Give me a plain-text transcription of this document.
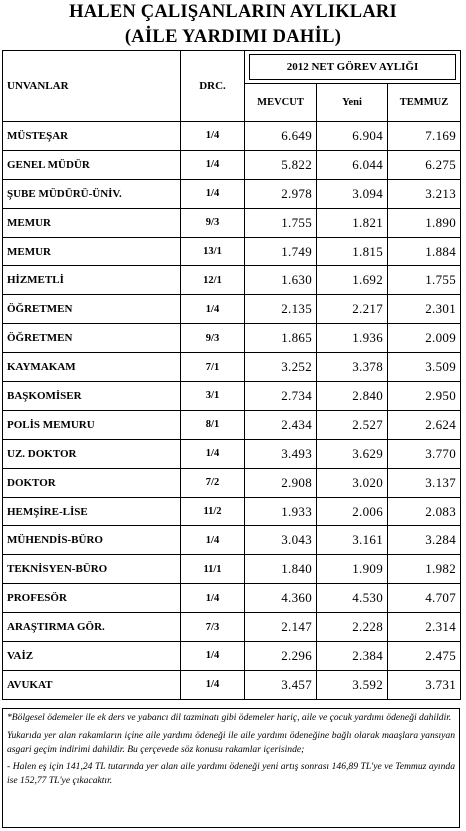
HALEN ÇALIŞANLARIN AYLIKLARI
(AİLE YARDIMI DAHİL)
UNVANLAR	DRC.	2012 NET GÖREV AYLIĞI		

		MEVCUT	Yeni	TEMMUZ
MÜSTEŞAR	1/4	6.649	6.904	7.169
GENEL MÜDÜR	1/4	5.822	6.044	6.275
ŞUBE MÜDÜRÜ-ÜNİV.	1/4	2.978	3.094	3.213
MEMUR	9/3	1.755	1.821	1.890
MEMUR	13/1	1.749	1.815	1.884
HİZMETLİ	12/1	1.630	1.692	1.755
ÖĞRETMEN	1/4	2.135	2.217	2.301
ÖĞRETMEN	9/3	1.865	1.936	2.009
KAYMAKAM	7/1	3.252	3.378	3.509
BAŞKOMİSER	3/1	2.734	2.840	2.950
POLİS MEMURU	8/1	2.434	2.527	2.624
UZ. DOKTOR	1/4	3.493	3.629	3.770
DOKTOR	7/2	2.908	3.020	3.137
HEMŞİRE-LİSE	11/2	1.933	2.006	2.083
MÜHENDİS-BÜRO	1/4	3.043	3.161	3.284
TEKNİSYEN-BÜRO	11/1	1.840	1.909	1.982
PROFESÖR	1/4	4.360	4.530	4.707
ARAŞTIRMA GÖR.	7/3	2.147	2.228	2.314
VAİZ	1/4	2.296	2.384	2.475
AVUKAT	1/4	3.457	3.592	3.731

*Bölgesel ödemeler ile ek ders ve yabancı dil tazminatı gibi ödemeler hariç, aile ve çocuk yardımı ödeneği dahildir.

Yukarıda yer alan rakamların içine aile yardımı ödeneği ile aile yardımı ödeneğine bağlı olarak maaşlara yansıyan asgari geçim indirimi dahildir. Bu çerçevede söz konusu rakamlar içerisinde;

- Halen eş için 141,24 TL tutarında yer alan aile yardımı ödeneği yeni artış sonrası 146,89 TL'ye ve Temmuz ayında ise 152,77 TL'ye çıkacaktır.
